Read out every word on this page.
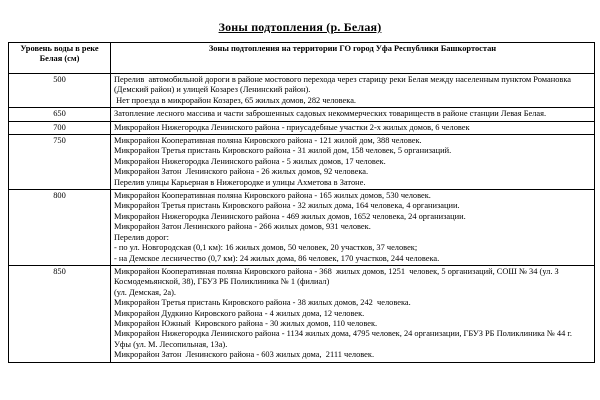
Зоны подтопления (р. Белая)
Уровень воды в реке Белая (см)	Зоны подтопления на территории ГО город Уфа Республики Башкортостан
500	Перелив  автомобильной дороги в районе мостового перехода через старицу реки Белая между населенным пунктом Романовка (Демский район) и улицей Козарез (Ленинский район).
Нет проезда в микрорайон Козарез, 65 жилых домов, 282 человека.

650	Затопление лесного массива и части заброшенных садовых некоммерческих товариществ в районе станции Левая Белая.

700	Микрорайон Нижегородка Ленинского района - приусадебные участки 2-х жилых домов, 6 человек

750	Микрорайон Кооперативная поляна Кировского района - 121 жилой дом, 388 человек.
Микрорайон Третья пристань Кировского района - 31 жилой дом, 158 человек, 5 организаций.
Микрорайон Нижегородка Ленинского района - 5 жилых домов, 17 человек.
Микрорайон Затон  Ленинского района - 26 жилых домов, 92 человека.
Перелив улицы Карьерная в Нижегородке и улицы Ахметова в Затоне.

800	Микрорайон Кооперативная поляна Кировского района - 165 жилых домов, 530 человек.
Микрорайон Третья пристань Кировского района - 32 жилых дома, 164 человека, 4 организации.
Микрорайон Нижегородка Ленинского района - 469 жилых домов, 1652 человека, 24 организации.
Микрорайон Затон Ленинского района - 266 жилых домов, 931 человек.
Перелив дорог:
- по ул. Новгородская (0,1 км): 16 жилых домов, 50 человек, 20 участков, 37 человек;
- на Демское лесничество (0,7 км): 24 жилых дома, 86 человек, 170 участков, 244 человека.

850	Микрорайон Кооперативная поляна Кировского района - 368  жилых домов, 1251  человек, 5 организаций, СОШ № 34 (ул. З Космодемьянской, 38), ГБУЗ РБ Поликлиника № 1 (филиал)
(ул. Демская, 2а).
Микрорайон Третья пристань Кировского района - 38 жилых домов, 242  человека.
Микрорайон Дудкино Кировского района - 4 жилых дома, 12 человек.
Микрорайон Южный  Кировского района - 30 жилых домов, 110 человек.
Микрорайон Нижегородка Ленинского района - 1134 жилых дома, 4795 человек, 24 организации, ГБУЗ РБ Поликлиника № 44 г. Уфы (ул. М. Лесопильная, 13а).
Микрорайон Затон  Ленинского района - 603 жилых дома,  2111 человек.
